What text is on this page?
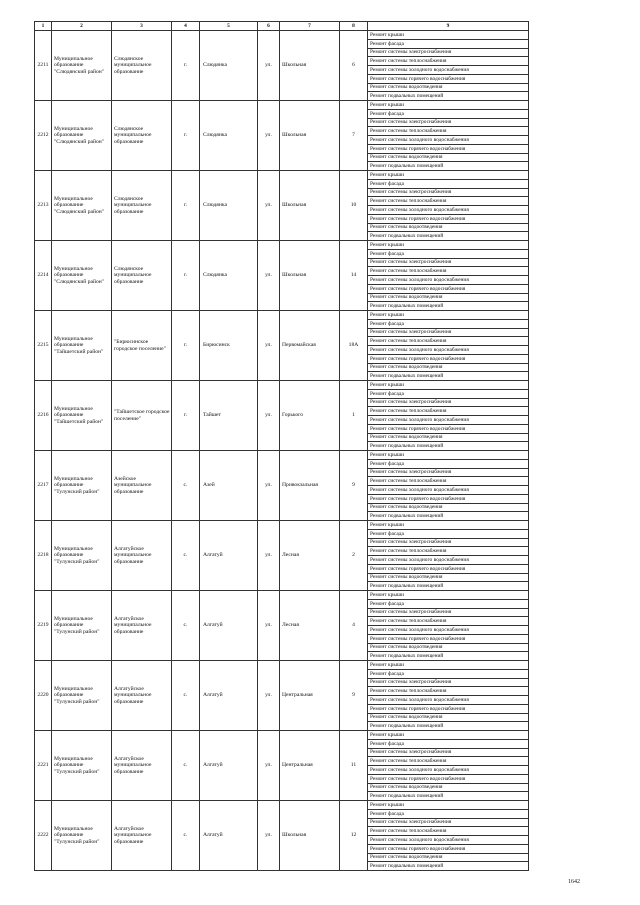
1	2	3	4	5	6	7	8	9
2211	Муниципальное образование "Слюдянский район"	Слюдянское муниципальное образование	г.	Слюдянка	ул.	Школьная	6	Ремонт крыши
								Ремонт фасада
								Ремонт системы электроснабжения
								Ремонт системы теплоснабжения
								Ремонт системы холодного водоснабжения
								Ремонт системы горячего водоснабжения
								Ремонт системы водоотведения
								Ремонт подвальных помещений
2212	Муниципальное образование "Слюдянский район"	Слюдянское муниципальное образование	г.	Слюдянка	ул.	Школьная	7	Ремонт крыши
								Ремонт фасада
								Ремонт системы электроснабжения
								Ремонт системы теплоснабжения
								Ремонт системы холодного водоснабжения
								Ремонт системы горячего водоснабжения
								Ремонт системы водоотведения
								Ремонт подвальных помещений
2213	Муниципальное образование "Слюдянский район"	Слюдянское муниципальное образование	г.	Слюдянка	ул.	Школьная	10	Ремонт крыши
								Ремонт фасада
								Ремонт системы электроснабжения
								Ремонт системы теплоснабжения
								Ремонт системы холодного водоснабжения
								Ремонт системы горячего водоснабжения
								Ремонт системы водоотведения
								Ремонт подвальных помещений
2214	Муниципальное образование "Слюдянский район"	Слюдянское муниципальное образование	г.	Слюдянка	ул.	Школьная	14	Ремонт крыши
								Ремонт фасада
								Ремонт системы электроснабжения
								Ремонт системы теплоснабжения
								Ремонт системы холодного водоснабжения
								Ремонт системы горячего водоснабжения
								Ремонт системы водоотведения
								Ремонт подвальных помещений
2215	Муниципальное образование "Тайшетский район"	"Бирюсинское городское поселение"	г.	Бирюсинск	ул.	Первомайская	18А	Ремонт крыши
								Ремонт фасада
								Ремонт системы электроснабжения
								Ремонт системы теплоснабжения
								Ремонт системы холодного водоснабжения
								Ремонт системы горячего водоснабжения
								Ремонт системы водоотведения
								Ремонт подвальных помещений
2216	Муниципальное образование "Тайшетский район"	"Тайшетское городское поселение"	г.	Тайшет	ул.	Горького	1	Ремонт крыши
								Ремонт фасада
								Ремонт системы электроснабжения
								Ремонт системы теплоснабжения
								Ремонт системы холодного водоснабжения
								Ремонт системы горячего водоснабжения
								Ремонт системы водоотведения
								Ремонт подвальных помещений
2217	Муниципальное образование "Тулунский район"	Азейское муниципальное образование	с.	Азей	ул.	Привокзальная	9	Ремонт крыши
								Ремонт фасада
								Ремонт системы электроснабжения
								Ремонт системы теплоснабжения
								Ремонт системы холодного водоснабжения
								Ремонт системы горячего водоснабжения
								Ремонт системы водоотведения
								Ремонт подвальных помещений
2218	Муниципальное образование "Тулунский район"	Алгатуйское муниципальное образование	с.	Алгатуй	ул.	Лесная	2	Ремонт крыши
								Ремонт фасада
								Ремонт системы электроснабжения
								Ремонт системы теплоснабжения
								Ремонт системы холодного водоснабжения
								Ремонт системы горячего водоснабжения
								Ремонт системы водоотведения
								Ремонт подвальных помещений
2219	Муниципальное образование "Тулунский район"	Алгатуйское муниципальное образование	с.	Алгатуй	ул.	Лесная	4	Ремонт крыши
								Ремонт фасада
								Ремонт системы электроснабжения
								Ремонт системы теплоснабжения
								Ремонт системы холодного водоснабжения
								Ремонт системы горячего водоснабжения
								Ремонт системы водоотведения
								Ремонт подвальных помещений
2220	Муниципальное образование "Тулунский район"	Алгатуйское муниципальное образование	с.	Алгатуй	ул.	Центральная	9	Ремонт крыши
								Ремонт фасада
								Ремонт системы электроснабжения
								Ремонт системы теплоснабжения
								Ремонт системы холодного водоснабжения
								Ремонт системы горячего водоснабжения
								Ремонт системы водоотведения
								Ремонт подвальных помещений
2221	Муниципальное образование "Тулунский район"	Алгатуйское муниципальное образование	с.	Алгатуй	ул.	Центральная	11	Ремонт крыши
								Ремонт фасада
								Ремонт системы электроснабжения
								Ремонт системы теплоснабжения
								Ремонт системы холодного водоснабжения
								Ремонт системы горячего водоснабжения
								Ремонт системы водоотведения
								Ремонт подвальных помещений
2222	Муниципальное образование "Тулунский район"	Алгатуйское муниципальное образование	с.	Алгатуй	ул.	Школьная	12	Ремонт крыши
								Ремонт фасада
								Ремонт системы электроснабжения
								Ремонт системы теплоснабжения
								Ремонт системы холодного водоснабжения
								Ремонт системы горячего водоснабжения
								Ремонт системы водоотведения
								Ремонт подвальных помещений
1642
